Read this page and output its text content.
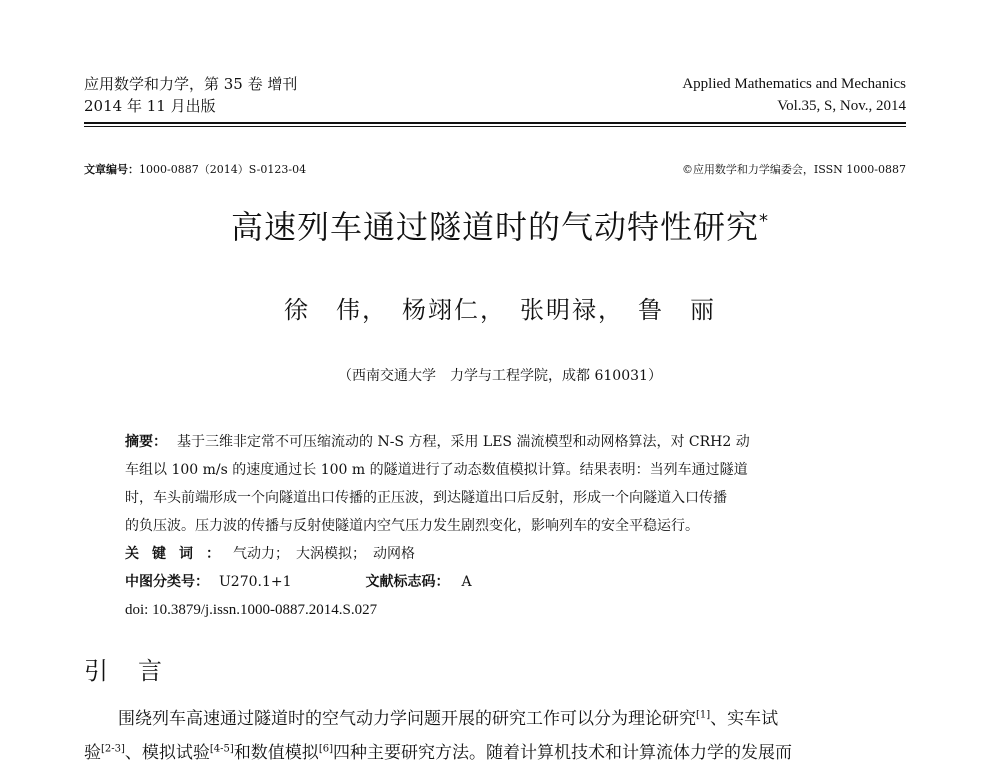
应用数学和力学，第 35 卷 增刊
2014 年 11 月出版
Applied Mathematics and Mechanics
Vol.35, S, Nov., 2014
文章编号：1000-0887（2014）S-0123-04	©应用数学和力学编委会，ISSN 1000-0887
高速列车通过隧道时的气动特性研究*
徐　伟，　杨翊仁，　张明禄，　鲁　丽
（西南交通大学　力学与工程学院，成都 610031）
摘要： 基于三维非定常不可压缩流动的 N-S 方程，采用 LES 湍流模型和动网格算法，对 CRH2 动
车组以 100 m/s 的速度通过长 100 m 的隧道进行了动态数值模拟计算。结果表明：当列车通过隧道
时，车头前端形成一个向隧道出口传播的正压波，到达隧道出口后反射，形成一个向隧道入口传播
的负压波。压力波的传播与反射使隧道内空气压力发生剧烈变化，影响列车的安全平稳运行。
关键词：气动力；　大涡模拟；　动网格
中图分类号： U270.1+1	文献标志码： A
doi: 10.3879/j.issn.1000-0887.2014.S.027
引言
围绕列车高速通过隧道时的空气动力学问题开展的研究工作可以分为理论研究[1]、实车试
验[2-3]、模拟试验[4-5]和数值模拟[6]四种主要研究方法。随着计算机技术和计算流体力学的发展而
